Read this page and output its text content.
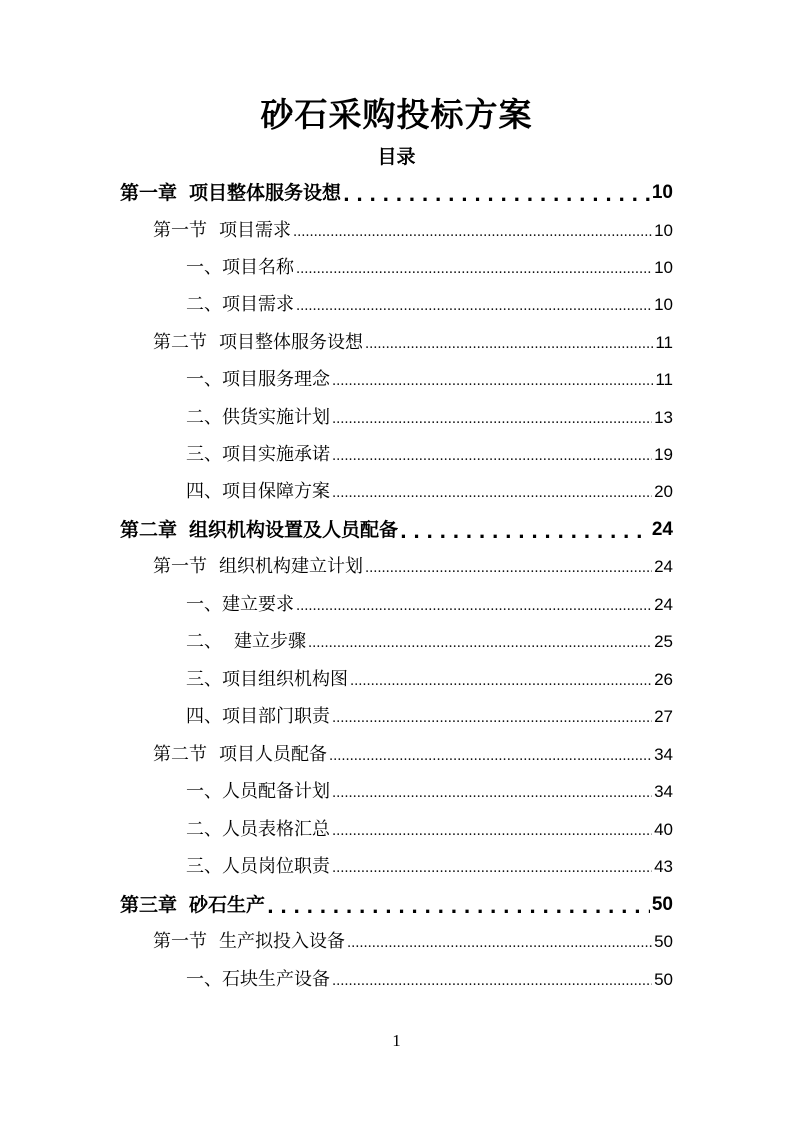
砂石采购投标方案
目录
第一章 项目整体服务设想 . . .	10
第一节 项目需求 .....	10
一、项目名称 .....	10
二、项目需求 .....	10
第二节 项目整体服务设想 .....	11
一、项目服务理念 .....	11
二、供货实施计划 .....	13
三、项目实施承诺 .....	19
四、项目保障方案 .....	20
第二章 组织机构设置及人员配备 . . .	24
第一节 组织机构建立计划 .....	24
一、建立要求 .....	24
二、 建立步骤 .....	25
三、项目组织机构图 .....	26
四、项目部门职责 .....	27
第二节 项目人员配备 .....	34
一、人员配备计划 .....	34
二、人员表格汇总 .....	40
三、人员岗位职责 .....	43
第三章 砂石生产 . . .	50
第一节 生产拟投入设备 .....	50
一、石块生产设备 .....	50
1
